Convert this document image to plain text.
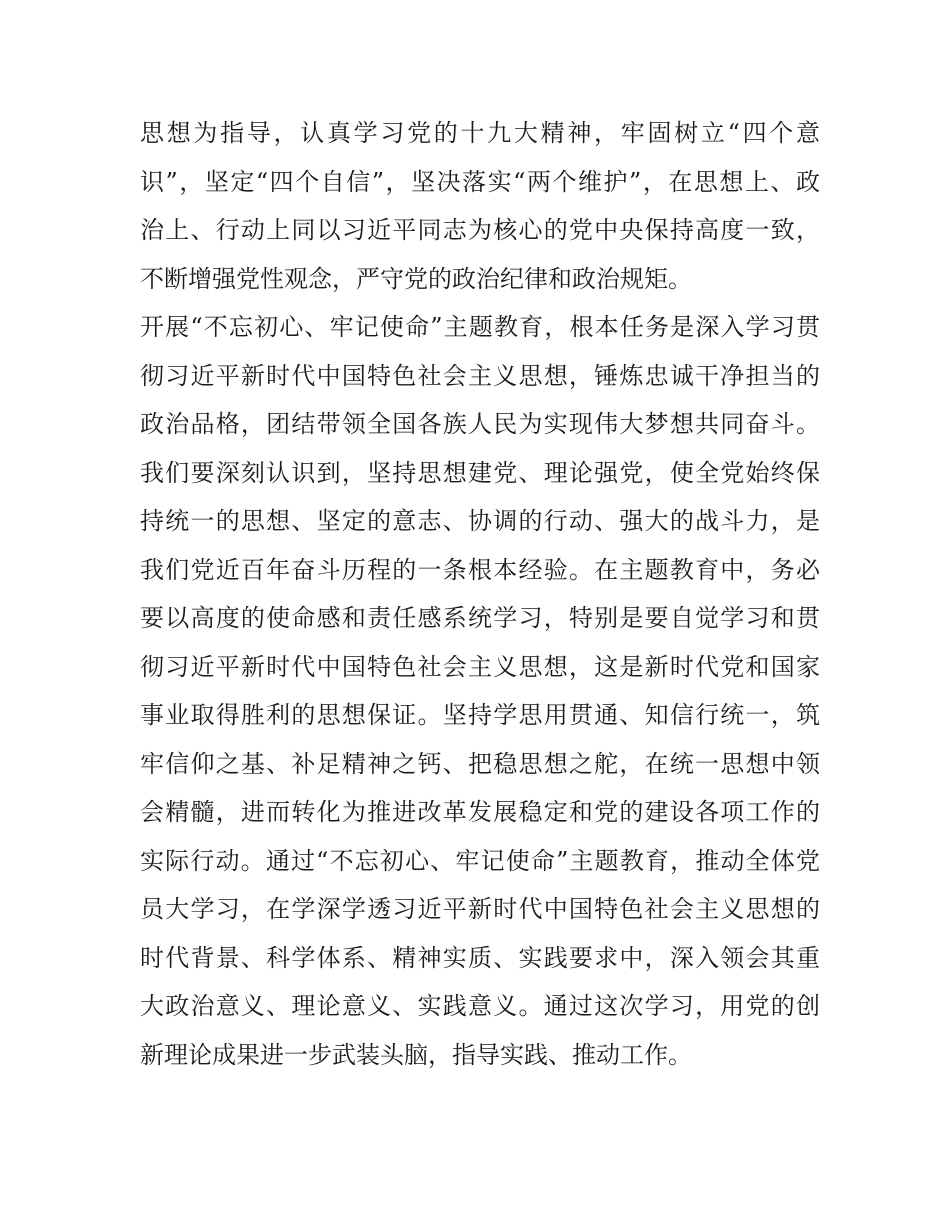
思想为指导，认真学习党的十九大精神，牢固树立“四个意
识”，坚定“四个自信”，坚决落实“两个维护”，在思想上、政
治上、行动上同以习近平同志为核心的党中央保持高度一致，
不断增强党性观念，严守党的政治纪律和政治规矩。
开展“不忘初心、牢记使命”主题教育，根本任务是深入学习贯
彻习近平新时代中国特色社会主义思想，锤炼忠诚干净担当的
政治品格，团结带领全国各族人民为实现伟大梦想共同奋斗。
我们要深刻认识到，坚持思想建党、理论强党，使全党始终保
持统一的思想、坚定的意志、协调的行动、强大的战斗力，是
我们党近百年奋斗历程的一条根本经验。在主题教育中，务必
要以高度的使命感和责任感系统学习，特别是要自觉学习和贯
彻习近平新时代中国特色社会主义思想，这是新时代党和国家
事业取得胜利的思想保证。坚持学思用贯通、知信行统一，筑
牢信仰之基、补足精神之钙、把稳思想之舵，在统一思想中领
会精髓，进而转化为推进改革发展稳定和党的建设各项工作的
实际行动。通过“不忘初心、牢记使命”主题教育，推动全体党
员大学习，在学深学透习近平新时代中国特色社会主义思想的
时代背景、科学体系、精神实质、实践要求中，深入领会其重
大政治意义、理论意义、实践意义。通过这次学习，用党的创
新理论成果进一步武装头脑，指导实践、推动工作。
